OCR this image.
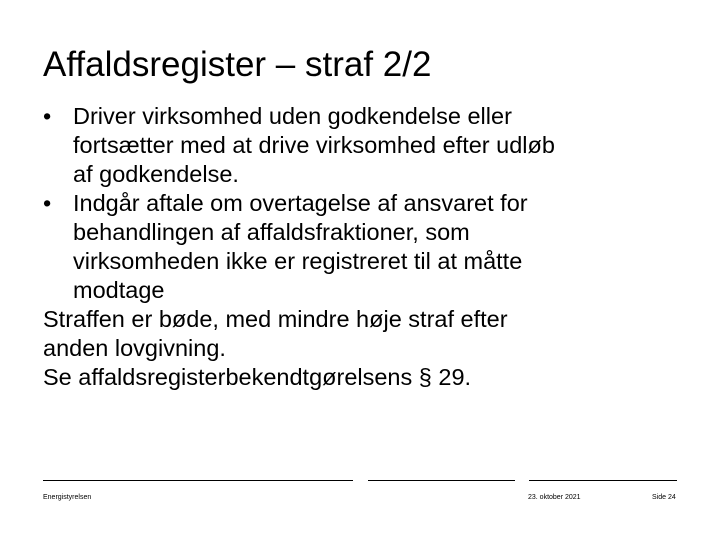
Affaldsregister – straf 2/2
• Driver virksomhed uden godkendelse eller
fortsætter med at drive virksomhed efter udløb
af godkendelse.
• Indgår aftale om overtagelse af ansvaret for
behandlingen af affaldsfraktioner, som
virksomheden ikke er registreret til at måtte
modtage
Straffen er bøde, med mindre høje straf efter
anden lovgivning.
Se affaldsregisterbekendtgørelsens § 29.
Energistyrelsen	23. oktober 2021	Side 24
